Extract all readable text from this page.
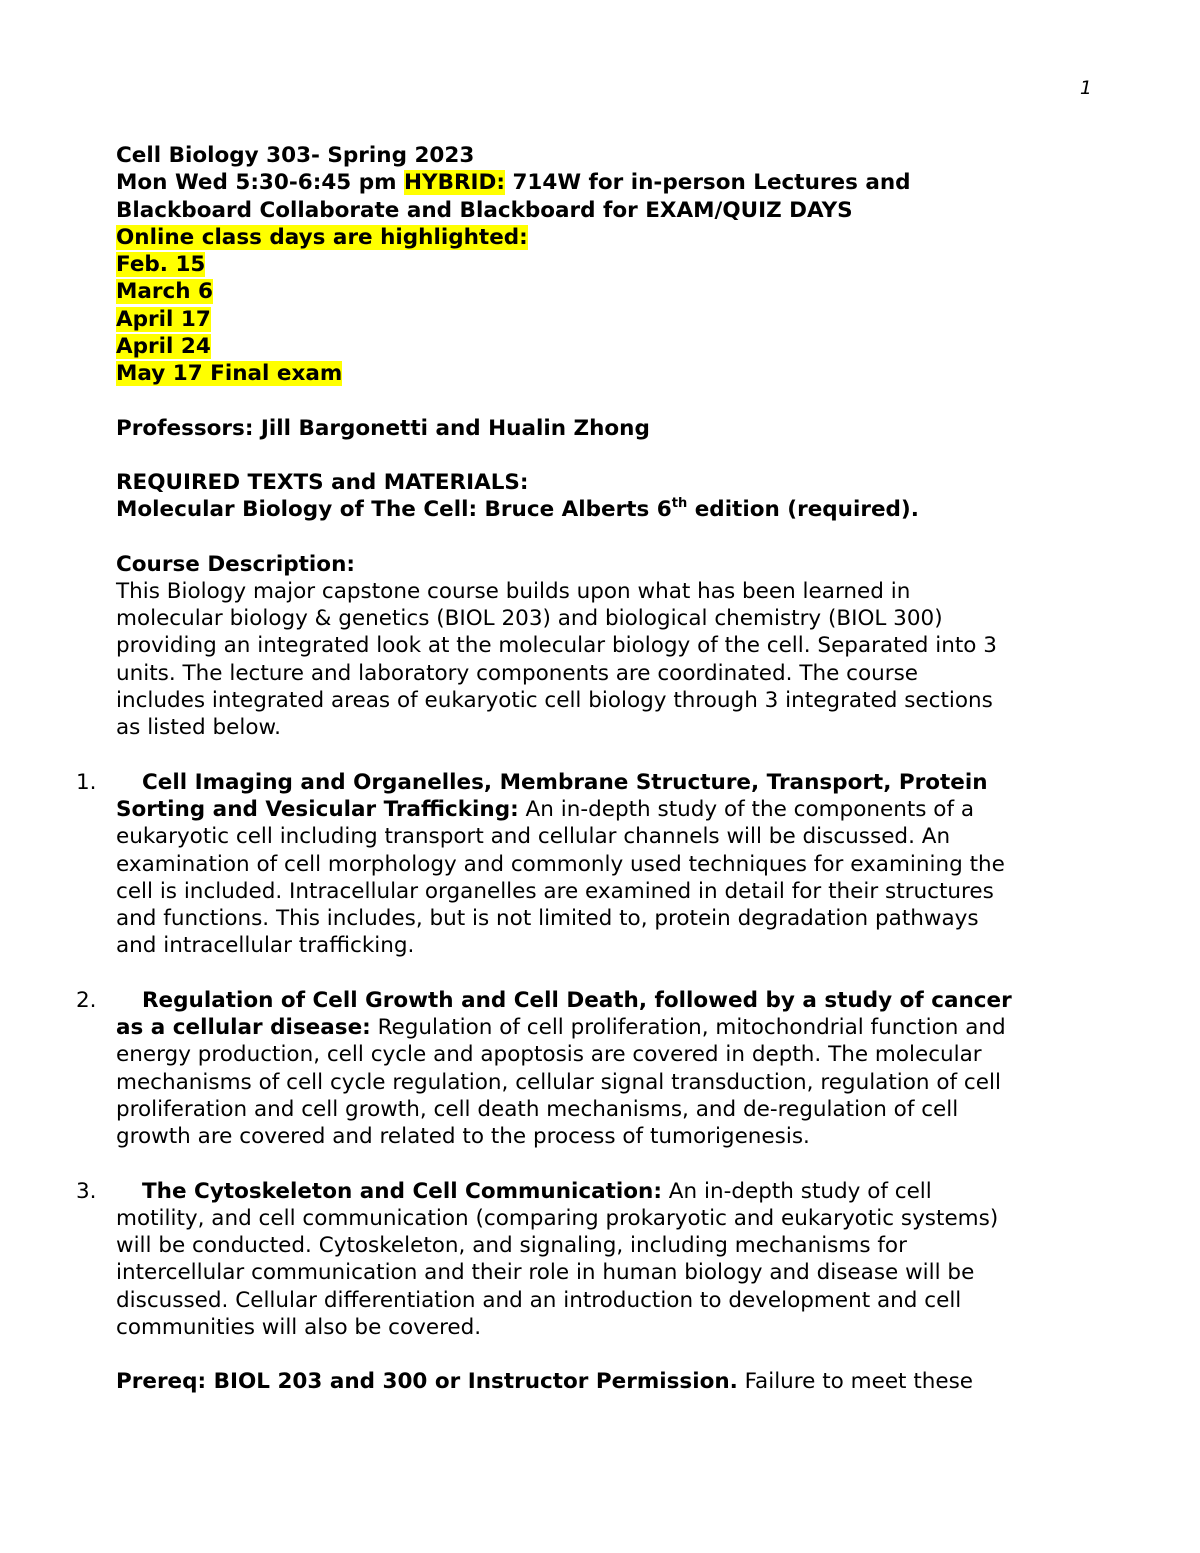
1
Cell Biology 303- Spring 2023
Mon Wed 5:30-6:45 pm HYBRID: 714W for in-person Lectures and
Blackboard Collaborate and Blackboard for EXAM/QUIZ DAYS
Online class days are highlighted:
Feb. 15
March 6
April 17
April 24
May 17 Final exam
Professors: Jill Bargonetti and Hualin Zhong
REQUIRED TEXTS and MATERIALS:
Molecular Biology of The Cell: Bruce Alberts 6th edition (required).
Course Description:
This Biology major capstone course builds upon what has been learned in
molecular biology & genetics (BIOL 203) and biological chemistry (BIOL 300)
providing an integrated look at the molecular biology of the cell. Separated into 3
units. The lecture and laboratory components are coordinated. The course
includes integrated areas of eukaryotic cell biology through 3 integrated sections
as listed below.
1.	Cell Imaging and Organelles, Membrane Structure, Transport, Protein
Sorting and Vesicular Trafficking: An in-depth study of the components of a
eukaryotic cell including transport and cellular channels will be discussed. An
examination of cell morphology and commonly used techniques for examining the
cell is included. Intracellular organelles are examined in detail for their structures
and functions. This includes, but is not limited to, protein degradation pathways
and intracellular trafficking.
2.	Regulation of Cell Growth and Cell Death, followed by a study of cancer
as a cellular disease: Regulation of cell proliferation, mitochondrial function and
energy production, cell cycle and apoptosis are covered in depth. The molecular
mechanisms of cell cycle regulation, cellular signal transduction, regulation of cell
proliferation and cell growth, cell death mechanisms, and de-regulation of cell
growth are covered and related to the process of tumorigenesis.
3.	The Cytoskeleton and Cell Communication: An in-depth study of cell
motility, and cell communication (comparing prokaryotic and eukaryotic systems)
will be conducted. Cytoskeleton, and signaling, including mechanisms for
intercellular communication and their role in human biology and disease will be
discussed. Cellular differentiation and an introduction to development and cell
communities will also be covered.
Prereq: BIOL 203 and 300 or Instructor Permission. Failure to meet these
